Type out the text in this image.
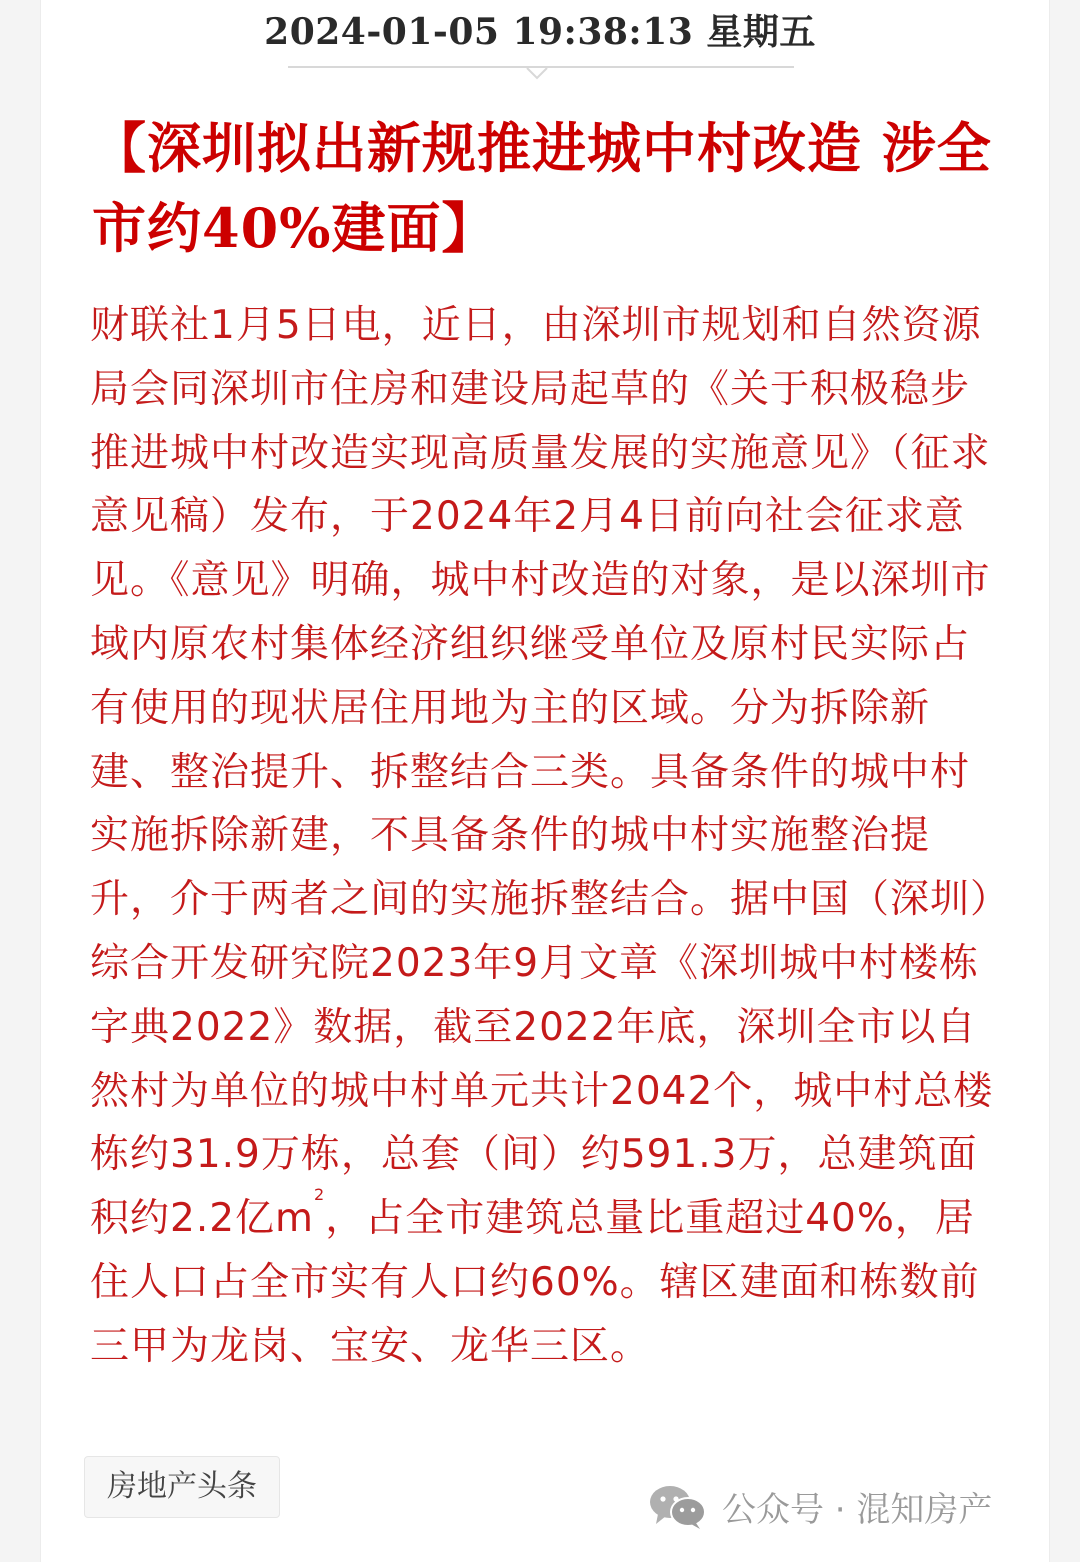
2024-01-05 19:38:13 星期五
【深圳拟出新规推进城中村改造 涉全市约40%建面】

财联社1月5日电，近日，由深圳市规划和自然资源局会同深圳市住房和建设局起草的《关于积极稳步推进城中村改造实现高质量发展的实施意见》（征求意见稿）发布，于2024年2月4日前向社会征求意见。《意见》明确，城中村改造的对象，是以深圳市域内原农村集体经济组织继受单位及原村民实际占有使用的现状居住用地为主的区域。分为拆除新建、整治提升、拆整结合三类。具备条件的城中村实施拆除新建，不具备条件的城中村实施整治提升，介于两者之间的实施拆整结合。据中国（深圳）综合开发研究院2023年9月文章《深圳城中村楼栋字典2022》数据，截至2022年底，深圳全市以自然村为单位的城中村单元共计2042个，城中村总楼栋约31.9万栋，总套（间）约591.3万，总建筑面积约2.2亿$m^2$，占全市建筑总量比重超过40%，居住人口占全市实有人口约60%。辖区建面和栋数前三甲为龙岗、宝安、龙华三区。

房地产头条
公众号 · 混知房产
